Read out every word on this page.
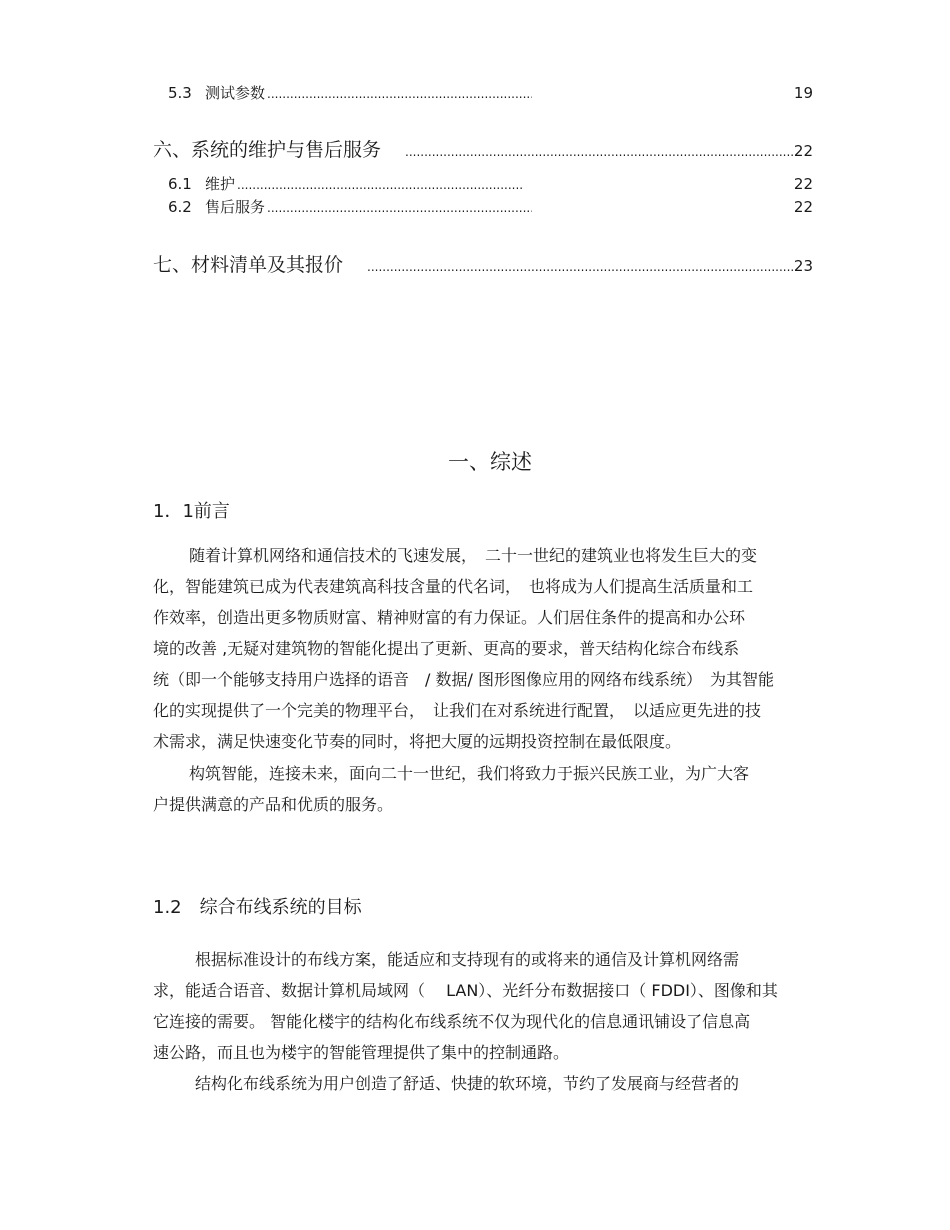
5.3 测试参数 .....	19
六、系统的维护与售后服务 .....	22
6.1 维护 .....	22
6.2 售后服务 .....	22
七、材料清单及其报价 .....	23
一、综述
1．1前言
随着计算机网络和通信技术的飞速发展，　二十一世纪的建筑业也将发生巨大的变
化，智能建筑已成为代表建筑高科技含量的代名词，　也将成为人们提高生活质量和工
作效率，创造出更多物质财富、精神财富的有力保证。人们居住条件的提高和办公环
境的改善 ,无疑对建筑物的智能化提出了更新、更高的要求，普天结构化综合布线系
统（即一个能够支持用户选择的语音　/ 数据/ 图形图像应用的网络布线系统）　为其智能
化的实现提供了一个完美的物理平台，　让我们在对系统进行配置，　以适应更先进的技
术需求，满足快速变化节奏的同时，将把大厦的远期投资控制在最低限度。
构筑智能，连接未来，面向二十一世纪，我们将致力于振兴民族工业，为广大客
户提供满意的产品和优质的服务。
1.2　综合布线系统的目标
根据标准设计的布线方案，能适应和支持现有的或将来的通信及计算机网络需
求，能适合语音、数据计算机局域网（　 LAN）、光纤分布数据接口（ FDDI）、图像和其
它连接的需要。 智能化楼宇的结构化布线系统不仅为现代化的信息通讯铺设了信息高
速公路，而且也为楼宇的智能管理提供了集中的控制通路。
结构化布线系统为用户创造了舒适、快捷的软环境，节约了发展商与经营者的
